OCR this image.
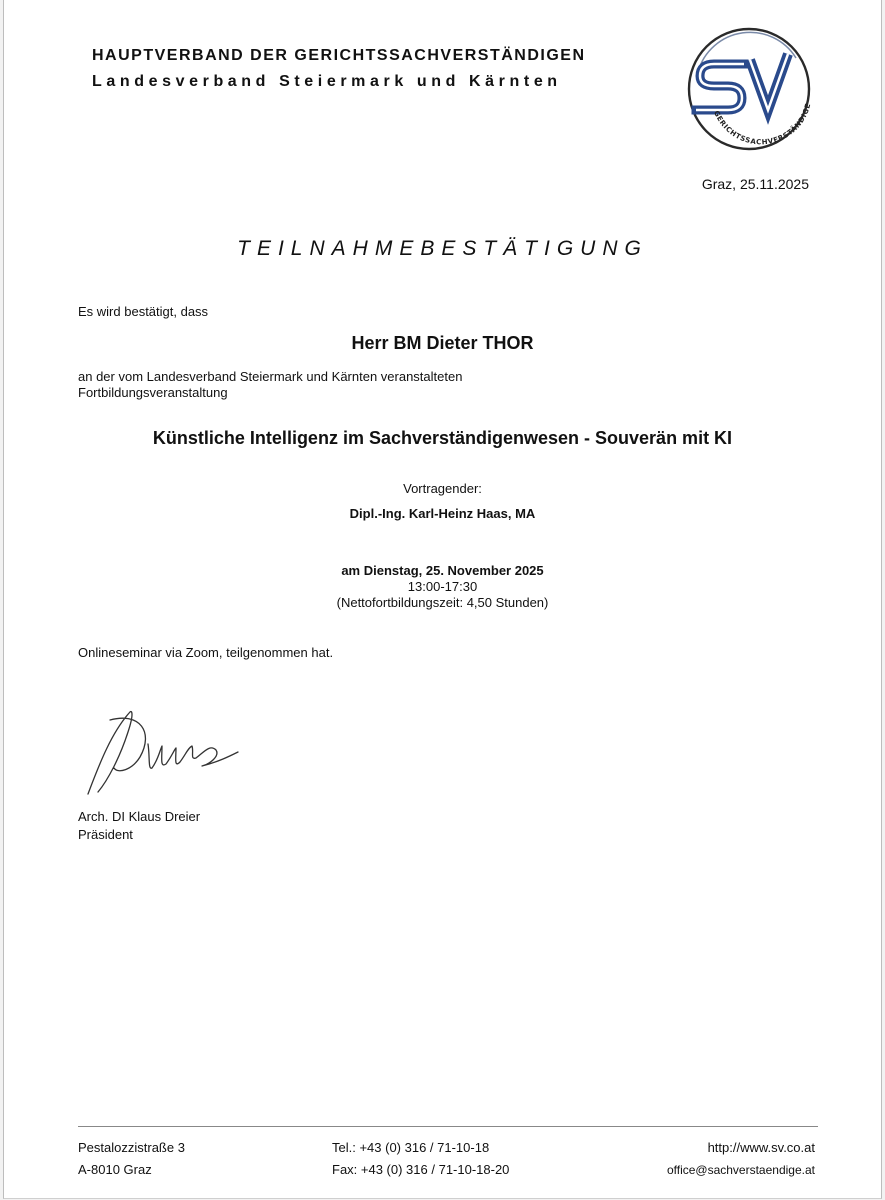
HAUPTVERBAND DER GERICHTSSACHVERSTÄNDIGEN
Landesverband Steiermark und Kärnten
GERICHTSSACHVERSTÄNDIGE
Graz, 25.11.2025
TEILNAHMEBESTÄTIGUNG
Es wird bestätigt, dass
Herr BM Dieter THOR
an der vom Landesverband Steiermark und Kärnten veranstalteten
Fortbildungsveranstaltung
Künstliche Intelligenz im Sachverständigenwesen - Souverän mit KI
Vortragender:
Dipl.-Ing. Karl-Heinz Haas, MA
am Dienstag, 25. November 2025
13:00-17:30
(Nettofortbildungszeit: 4,50 Stunden)
Onlineseminar via Zoom, teilgenommen hat.
Arch. DI Klaus Dreier
Präsident
Pestalozzistraße 3
A-8010 Graz
Tel.: +43 (0) 316 / 71-10-18
Fax: +43 (0) 316 / 71-10-18-20
http://www.sv.co.at
office@sachverstaendige.at
